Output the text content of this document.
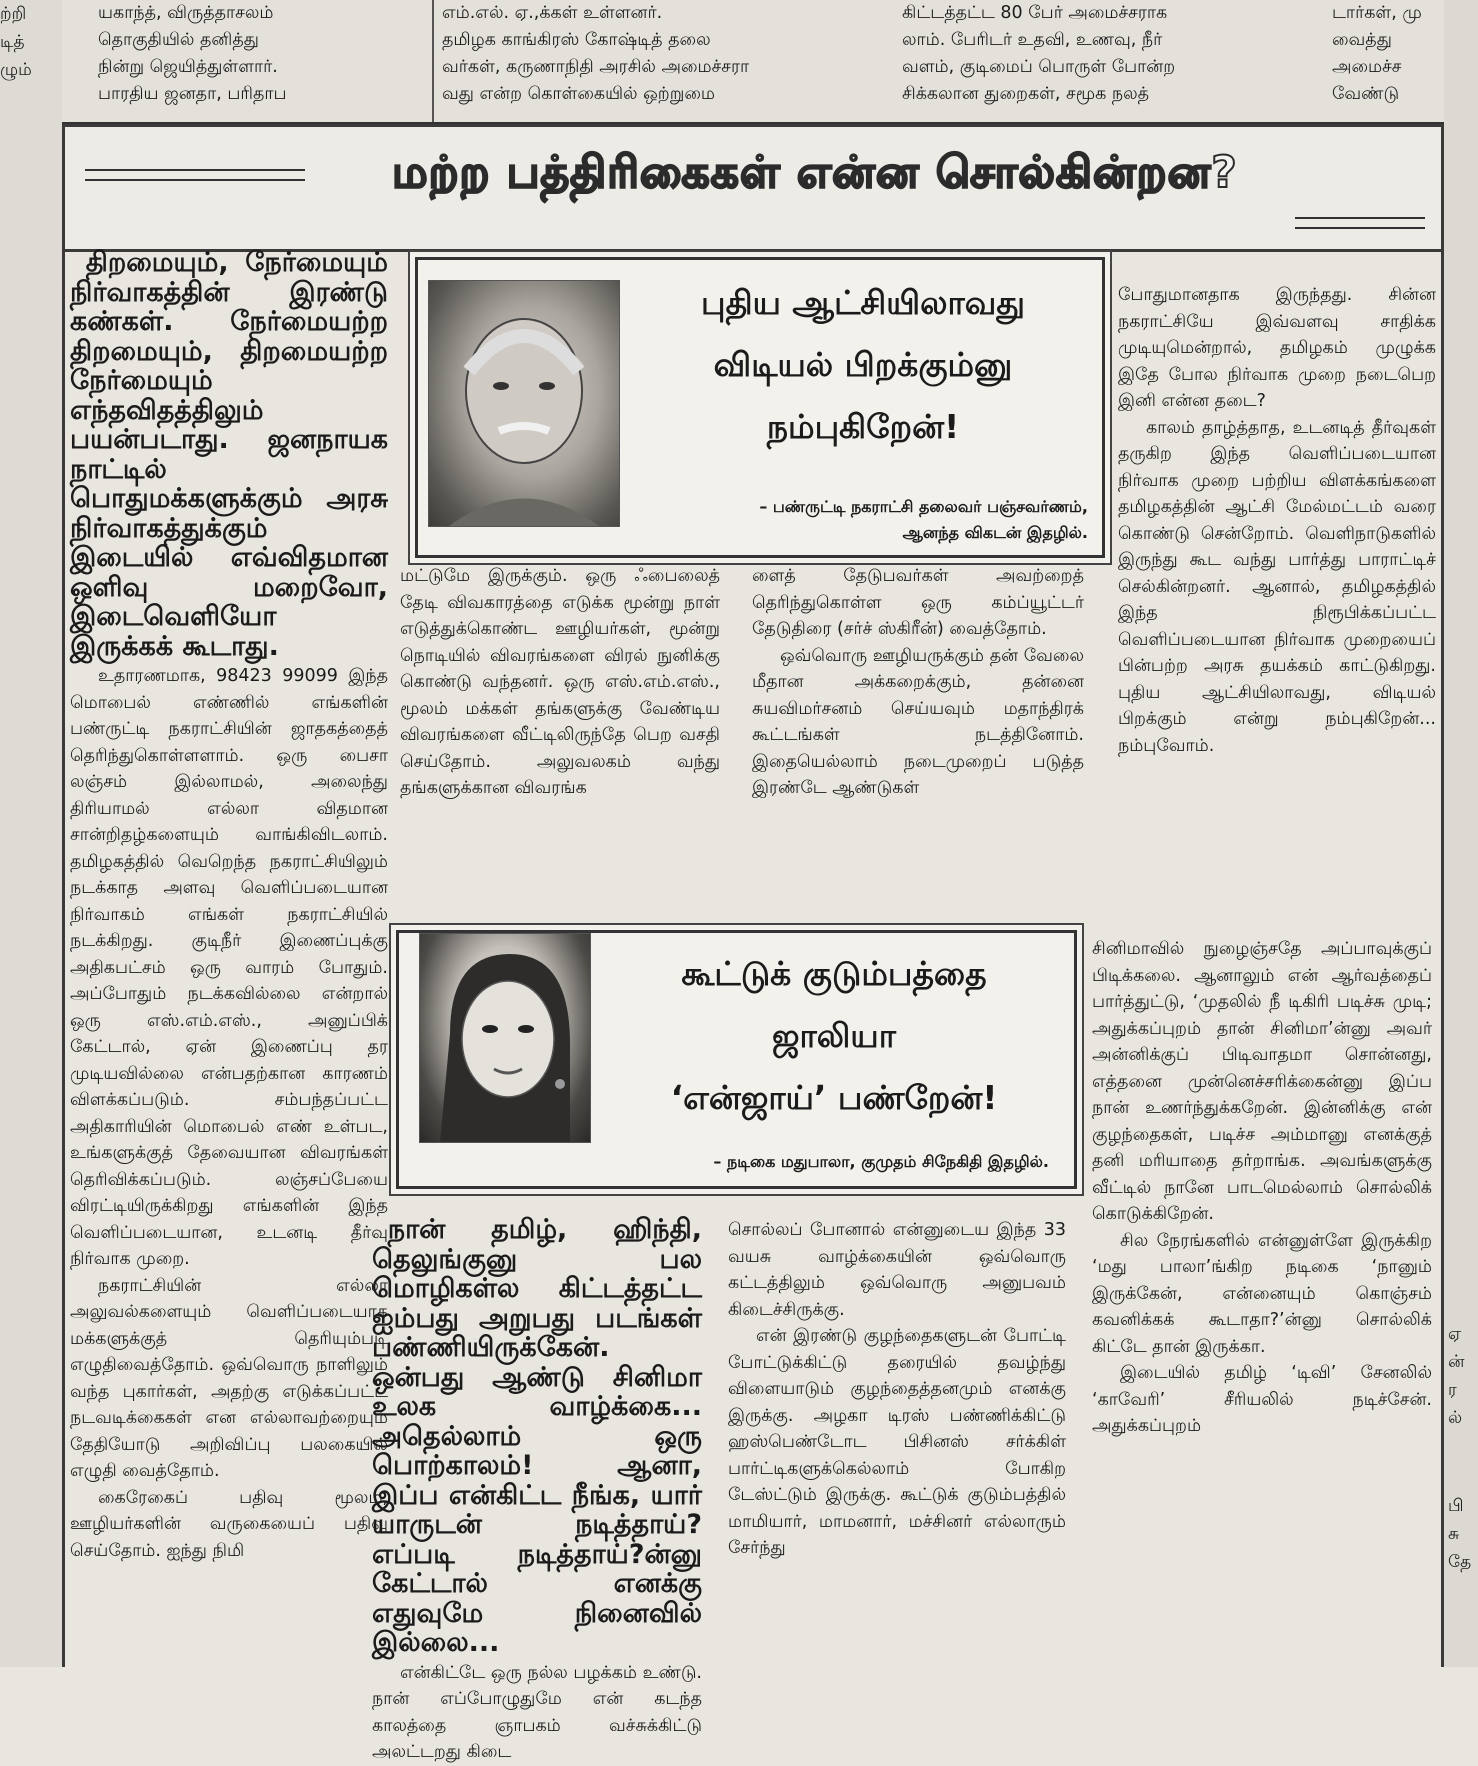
ற்றி
டித்
ழும்
ஏ
ன்
ர
ல்
பி
சு
தே
யகாந்த், விருத்தாசலம்
தொகுதியில் தனித்து
நின்று ஜெயித்துள்ளார்.
பாரதிய ஜனதா, பரிதாப
எம்.எல். ஏ.,க்கள் உள்ளனர்.
தமிழக காங்கிரஸ் கோஷ்டித் தலை
வர்கள், கருணாநிதி அரசில் அமைச்சரா
வது என்ற கொள்கையில் ஒற்றுமை
கிட்டத்தட்ட 80 பேர் அமைச்சராக
லாம். பேரிடர் உதவி, உணவு, நீர்
வளம், குடிமைப் பொருள் போன்ற
சிக்கலான துறைகள், சமூக நலத்
டார்கள், மு
வைத்து
அமைச்ச
வேண்டு
மற்ற பத்திரிகைகள் என்ன சொல்கின்றன?

திறமையும், நேர்மையும் நிர்வாகத்தின் இரண்டு கண்கள். நேர்மையற்ற திறமையும், திறமையற்ற நேர்மையும் எந்தவிதத்திலும் பயன்படாது. ஜனநாயக நாட்டில் பொதுமக்களுக்கும் அரசு நிர்வாகத்துக்கும் இடையில் எவ்விதமான ஒளிவு மறைவோ, இடைவெளியோ இருக்கக் கூடாது.

உதாரணமாக, 98423 99099 இந்த மொபைல் எண்ணில் எங்களின் பண்ருட்டி நகராட்சியின் ஜாதகத்தைத் தெரிந்துகொள்ளளாம். ஒரு பைசா லஞ்சம் இல்லாமல், அலைந்து திரியாமல் எல்லா விதமான சான்றிதழ்களையும் வாங்கிவிடலாம். தமிழகத்தில் வெறெந்த நகராட்சியிலும் நடக்காத அளவு வெளிப்படையான நிர்வாகம் எங்கள் நகராட்சியில் நடக்கிறது. குடிநீர் இணைப்புக்கு அதிகபட்சம் ஒரு வாரம் போதும். அப்போதும் நடக்கவில்லை என்றால் ஒரு எஸ்.எம்.எஸ்., அனுப்பிக் கேட்டால், ஏன் இணைப்பு தர முடியவில்லை என்பதற்கான காரணம் விளக்கப்படும். சம்பந்தப்பட்ட அதிகாரியின் மொபைல் எண் உள்பட, உங்களுக்குத் தேவையான விவரங்கள் தெரிவிக்கப்படும். லஞ்சப்பேயை விரட்டியிருக்கிறது எங்களின் இந்த வெளிப்படையான, உடனடி தீர்வு நிர்வாக முறை.

நகராட்சியின் எல்லா அலுவல்களையும் வெளிப்படையாக மக்களுக்குத் தெரியும்படி எழுதிவைத்தோம். ஒவ்வொரு நாளிலும் வந்த புகார்கள், அதற்கு எடுக்கப்பட்ட நடவடிக்கைகள் என எல்லாவற்றையும் தேதியோடு அறிவிப்பு பலகையில் எழுதி வைத்தோம்.

கைரேகைப் பதிவு மூலம், ஊழியர்களின் வருகையைப் பதிவு செய்தோம். ஐந்து நிமி

புதிய ஆட்சியிலாவது
விடியல் பிறக்கும்னு
நம்புகிறேன்!
– பண்ருட்டி நகராட்சி தலைவர் பஞ்சவர்ணம்,
ஆனந்த விகடன் இதழில்.

மட்டுமே இருக்கும். ஒரு ஃபைலைத் தேடி விவகாரத்தை எடுக்க மூன்று நாள் எடுத்துக்கொண்ட ஊழியர்கள், மூன்று நொடியில் விவரங்களை விரல் நுனிக்கு கொண்டு வந்தனர். ஒரு எஸ்.எம்.எஸ்., மூலம் மக்கள் தங்களுக்கு வேண்டிய விவரங்களை வீட்டிலிருந்தே பெற வசதி செய்தோம். அலுவலகம் வந்து தங்களுக்கான விவரங்க

ளைத் தேடுபவர்கள் அவற்றைத் தெரிந்துகொள்ள ஒரு கம்ப்யூட்டர் தேடுதிரை (சர்ச் ஸ்கிரீன்) வைத்தோம்.

ஒவ்வொரு ஊழியருக்கும் தன் வேலை மீதான அக்கறைக்கும், தன்னை சுயவிமர்சனம் செய்யவும் மதாந்திரக் கூட்டங்கள் நடத்தினோம். இதையெல்லாம் நடைமுறைப் படுத்த இரண்டே ஆண்டுகள்

போதுமானதாக இருந்தது. சின்ன நகராட்சியே இவ்வளவு சாதிக்க முடியுமென்றால், தமிழகம் முழுக்க இதே போல நிர்வாக முறை நடைபெற இனி என்ன தடை?

காலம் தாழ்த்தாத, உடனடித் தீர்வுகள் தருகிற இந்த வெளிப்படையான நிர்வாக முறை பற்றிய விளக்கங்களை தமிழகத்தின் ஆட்சி மேல்மட்டம் வரை கொண்டு சென்றோம். வெளிநாடுகளில் இருந்து கூட வந்து பார்த்து பாராட்டிச் செல்கின்றனர். ஆனால், தமிழகத்தில் இந்த நிரூபிக்கப்பட்ட வெளிப்படையான நிர்வாக முறையைப் பின்பற்ற அரசு தயக்கம் காட்டுகிறது. புதிய ஆட்சியிலாவது, விடியல் பிறக்கும் என்று நம்புகிறேன்... நம்புவோம்.

கூட்டுக் குடும்பத்தை
ஜாலியா
‘என்ஜாய்’ பண்றேன்!
– நடிகை மதுபாலா, குமுதம் சிநேகிதி இதழில்.

நான் தமிழ், ஹிந்தி, தெலுங்குனு பல மொழிகள்ல கிட்டத்தட்ட ஐம்பது அறுபது படங்கள் பண்ணியிருக்கேன். ஒன்பது ஆண்டு சினிமா உலக வாழ்க்கை... அதெல்லாம் ஒரு பொற்காலம்! ஆனா, இப்ப என்கிட்ட நீங்க, யார் யாருடன் நடித்தாய்? எப்படி நடித்தாய்?ன்னு கேட்டால் எனக்கு எதுவுமே நினைவில் இல்லை...

என்கிட்டே ஒரு நல்ல பழக்கம் உண்டு. நான் எப்போழுதுமே என் கடந்த காலத்தை ஞாபகம் வச்சுக்கிட்டு அலட்டறது கிடை

சொல்லப் போனால் என்னுடைய இந்த 33 வயசு வாழ்க்கையின் ஒவ்வொரு கட்டத்திலும் ஒவ்வொரு அனுபவம் கிடைச்சிருக்கு.

என் இரண்டு குழந்தைகளுடன் போட்டி போட்டுக்கிட்டு தரையில் தவழ்ந்து விளையாடும் குழந்தைத்தனமும் எனக்கு இருக்கு. அழகா டிரஸ் பண்ணிக்கிட்டு ஹஸ்பெண்டோட பிசினஸ் சர்க்கிள் பார்ட்டிகளுக்கெல்லாம் போகிற டேஸ்ட்டும் இருக்கு. கூட்டுக் குடும்பத்தில் மாமியார், மாமனார், மச்சினர் எல்லாரும் சேர்ந்து

சினிமாவில் நுழைஞ்சதே அப்பாவுக்குப் பிடிக்கலை. ஆனாலும் என் ஆர்வத்தைப் பார்த்துட்டு, ‘முதலில் நீ டிகிரி படிச்சு முடி; அதுக்கப்புறம் தான் சினிமா’ன்னு அவர் அன்னிக்குப் பிடிவாதமா சொன்னது, எத்தனை முன்னெச்சரிக்கைன்னு இப்ப நான் உணர்ந்துக்கறேன். இன்னிக்கு என் குழந்தைகள், படிச்ச அம்மானு எனக்குத் தனி மரியாதை தர்றாங்க. அவங்களுக்கு வீட்டில் நானே பாடமெல்லாம் சொல்லிக் கொடுக்கிறேன்.

சில நேரங்களில் என்னுள்ளே இருக்கிற ‘மது பாலா’ங்கிற நடிகை ‘நானும் இருக்கேன், என்னையும் கொஞ்சம் கவனிக்கக் கூடாதா?’ன்னு சொல்லிக் கிட்டே தான் இருக்கா.

இடையில் தமிழ் ‘டிவி’ சேனலில் ‘காவேரி’ சீரியலில் நடிச்சேன். அதுக்கப்புறம்
